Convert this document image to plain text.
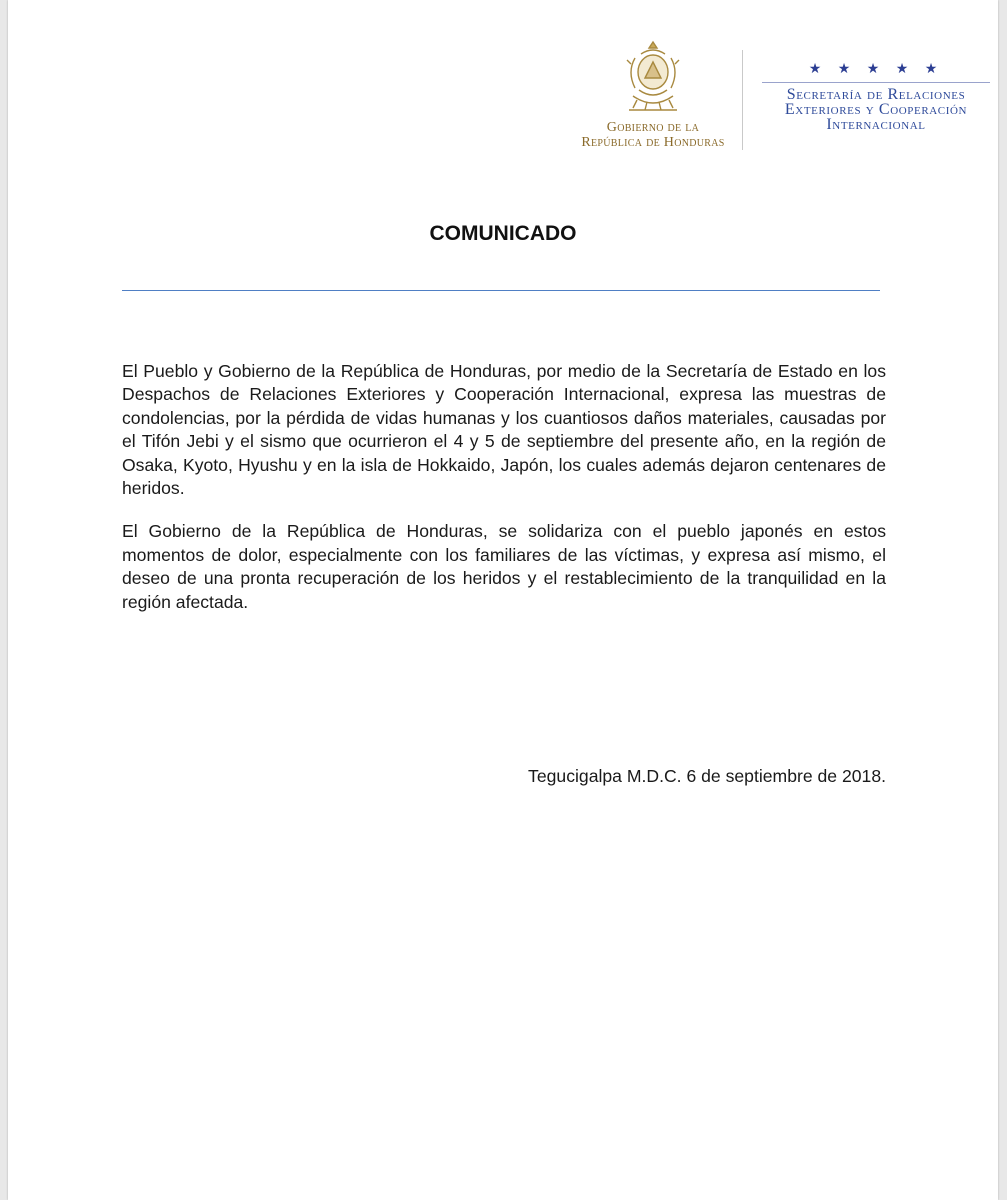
Gobierno de la
República de Honduras
★ ★ ★ ★ ★
Secretaría de Relaciones
Exteriores y Cooperación
Internacional
COMUNICADO

El Pueblo y Gobierno de la República de Honduras, por medio de la Secretaría de Estado en los Despachos de Relaciones Exteriores y Cooperación Internacional, expresa las muestras de condolencias, por la pérdida de vidas humanas y los cuantiosos daños materiales, causadas por el Tifón Jebi y el sismo que ocurrieron el 4 y 5 de septiembre del presente año, en la región de Osaka, Kyoto, Hyushu y en la isla de Hokkaido, Japón, los cuales además dejaron centenares de heridos.

El Gobierno de la República de Honduras, se solidariza con el pueblo japonés en estos momentos de dolor, especialmente con los familiares de las víctimas, y expresa así mismo, el deseo de una pronta recuperación de los heridos y el restablecimiento de la tranquilidad en la región afectada.

Tegucigalpa M.D.C. 6 de septiembre de 2018.
